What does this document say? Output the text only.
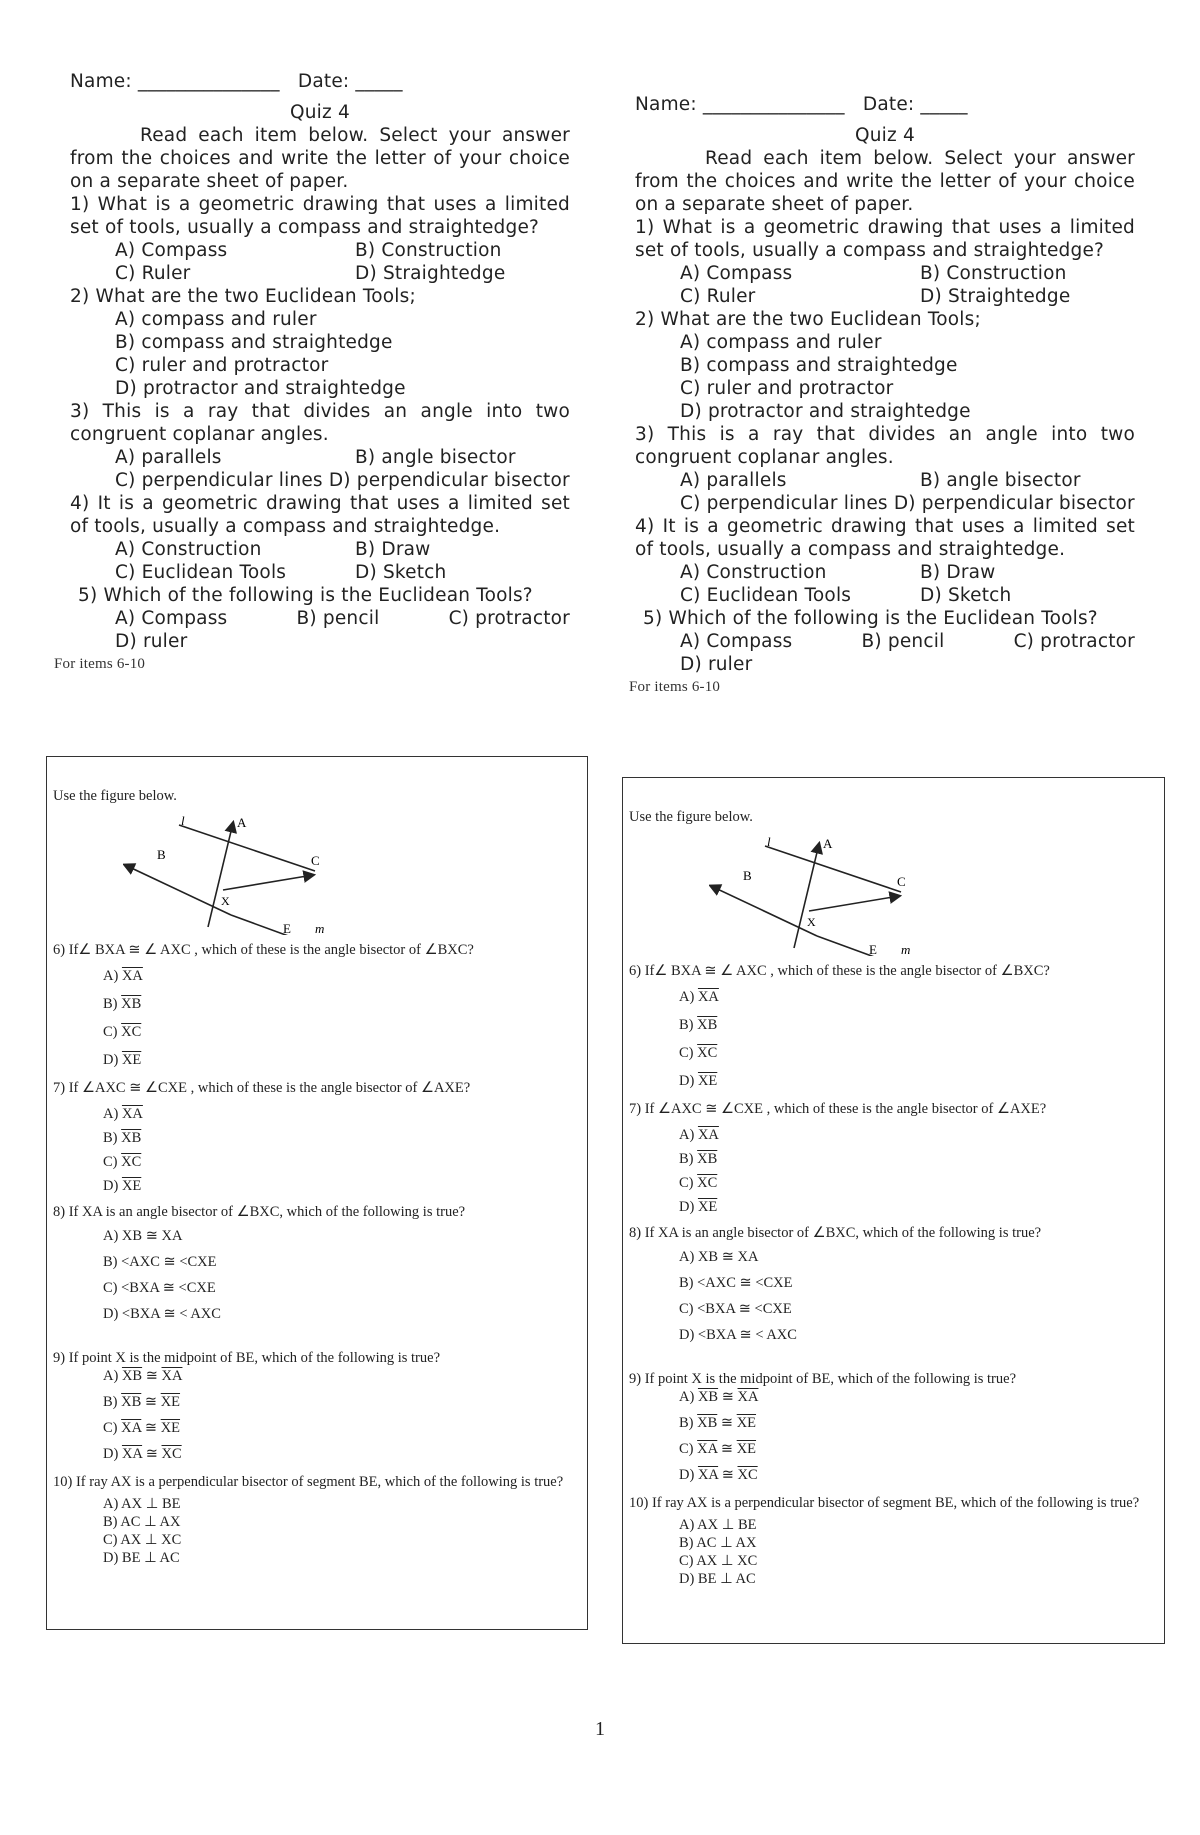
Name: _______________   Date: _____

Quiz 4

Read each item below. Select your answer from the choices and write the letter of your choice on a separate sheet of paper.

1) What is a geometric drawing that uses a limited set of tools, usually a compass and straightedge?

A) Compass	B) Construction
C) Ruler	D) Straightedge

2) What are the two Euclidean Tools;

A) compass and ruler

B) compass and straightedge

C) ruler and protractor

D) protractor and straightedge

3) This is a ray that divides an angle into two congruent coplanar angles.

A) parallels	B) angle bisector

C) perpendicular lines D) perpendicular bisector

4) It is a geometric drawing that uses a limited set of tools, usually a compass and straightedge.

A) Construction	B) Draw
C) Euclidean Tools	D) Sketch

5) Which of the following is the Euclidean Tools?

A) Compass	B) pencil	C) protractor

D) ruler

For items 6-10

Use the figure below.

l	A
B	C
X
E m

6) If∠ BXA ≅ ∠ AXC , which of these is the angle bisector of ∠BXC?

A) $\overline{XA}$

B) $\overline{XB}$

C) $\overline{XC}$

D) $\overline{XE}$

7) If ∠AXC ≅ ∠CXE , which of these is the angle bisector of ∠AXE?

A) $\overline{XA}$

B) $\overline{XB}$

C) $\overline{XC}$

D) $\overline{XE}$

8) If XA is an angle bisector of ∠BXC, which of the following is true?

A) XB ≅ XA

B) <AXC ≅ <CXE

C) <BXA ≅ <CXE

D) <BXA ≅ < AXC

9) If point X is the midpoint of BE, which of the following is true?

A) $\overline{XB}$ ≅ $\overline{XA}$

B) $\overline{XB}$ ≅ $\overline{XE}$

C) $\overline{XA}$ ≅ $\overline{XE}$

D) $\overline{XA}$ ≅ $\overline{XC}$

10) If ray AX is a perpendicular bisector of segment BE, which of the following is true?

A) AX ⊥ BE

B) AC ⊥ AX

C) AX ⊥ XC

D) BE ⊥ AC

Name: _______________   Date: _____

Quiz 4

Read each item below. Select your answer from the choices and write the letter of your choice on a separate sheet of paper.

1) What is a geometric drawing that uses a limited set of tools, usually a compass and straightedge?

A) Compass	B) Construction
C) Ruler	D) Straightedge

2) What are the two Euclidean Tools;

A) compass and ruler

B) compass and straightedge

C) ruler and protractor

D) protractor and straightedge

3) This is a ray that divides an angle into two congruent coplanar angles.

A) parallels	B) angle bisector

C) perpendicular lines D) perpendicular bisector

4) It is a geometric drawing that uses a limited set of tools, usually a compass and straightedge.

A) Construction	B) Draw
C) Euclidean Tools	D) Sketch

5) Which of the following is the Euclidean Tools?

A) Compass	B) pencil	C) protractor

D) ruler

For items 6-10

Use the figure below.

l	A
B	C
X
E m

6) If∠ BXA ≅ ∠ AXC , which of these is the angle bisector of ∠BXC?

A) $\overline{XA}$

B) $\overline{XB}$

C) $\overline{XC}$

D) $\overline{XE}$

7) If ∠AXC ≅ ∠CXE , which of these is the angle bisector of ∠AXE?

A) $\overline{XA}$

B) $\overline{XB}$

C) $\overline{XC}$

D) $\overline{XE}$

8) If XA is an angle bisector of ∠BXC, which of the following is true?

A) XB ≅ XA

B) <AXC ≅ <CXE

C) <BXA ≅ <CXE

D) <BXA ≅ < AXC

9) If point X is the midpoint of BE, which of the following is true?

A) $\overline{XB}$ ≅ $\overline{XA}$

B) $\overline{XB}$ ≅ $\overline{XE}$

C) $\overline{XA}$ ≅ $\overline{XE}$

D) $\overline{XA}$ ≅ $\overline{XC}$

10) If ray AX is a perpendicular bisector of segment BE, which of the following is true?

A) AX ⊥ BE

B) AC ⊥ AX

C) AX ⊥ XC

D) BE ⊥ AC

1
